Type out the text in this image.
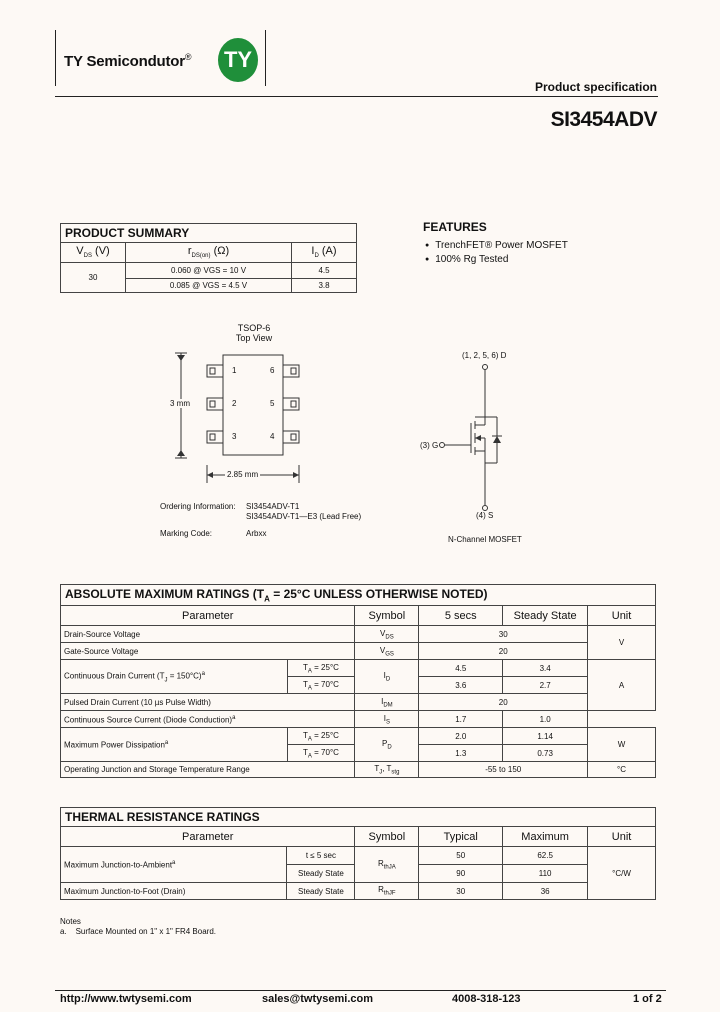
TY Semicondutor® TY
Product specification
SI3454ADV
PRODUCT SUMMARY		
$V_{DS}$ (V)	$r_{DS(on)}$ (Ω)	$I_D$ (A)
30	0.060 @ VGS = 10 V	4.5
	0.085 @ VGS = 4.5 V	3.8
FEATURES
● TrenchFET® Power MOSFET
● 100% Rg Tested
TSOP-6
Top View
1
2
3
6
5
4
3 mm
2.85 mm
Ordering Information: SI3454ADV-T1
SI3454ADV-T1—E3 (Lead Free)
Marking Code:	Arbxx
(1, 2, 5, 6) D
(3) G
(4) S
N-Channel MOSFET
ABSOLUTE MAXIMUM RATINGS ($T_A = 25^\circ C$ UNLESS OTHERWISE NOTED)					
Parameter		Symbol	5 secs	Steady State	Unit
Drain-Source Voltage		$V_{DS}$	30		V
Gate-Source Voltage		$V_{GS}$	20		
Continuous Drain Current $(T_J = 150^\circ C)^a$	$T_A = 25^\circ C$	$I_D$	4.5	3.4	A
	$T_A = 70^\circ C$		3.6	2.7	
Pulsed Drain Current (10 µs Pulse Width)		$I_{DM}$	20		
Continuous Source Current (Diode Conduction)$^a$		$I_S$	1.7	1.0	
Maximum Power Dissipation$^a$	$T_A = 25^\circ C$	$P_D$	2.0	1.14	W
	$T_A = 70^\circ C$		1.3	0.73	
Operating Junction and Storage Temperature Range		$T_J$, $T_{stg}$	-55 to 150		°C
THERMAL RESISTANCE RATINGS					
Parameter		Symbol	Typical	Maximum	Unit
Maximum Junction-to-Ambient$^a$	t ≤ 5 sec	$R_{thJA}$	50	62.5	°C/W
	Steady State		90	110	
Maximum Junction-to-Foot (Drain)	Steady State	$R_{thJF}$	30	36	
Notes
a.    Surface Mounted on 1" x 1" FR4 Board.
http://www.twtysemi.com	sales@twtysemi.com	4008-318-123	1 of 2
